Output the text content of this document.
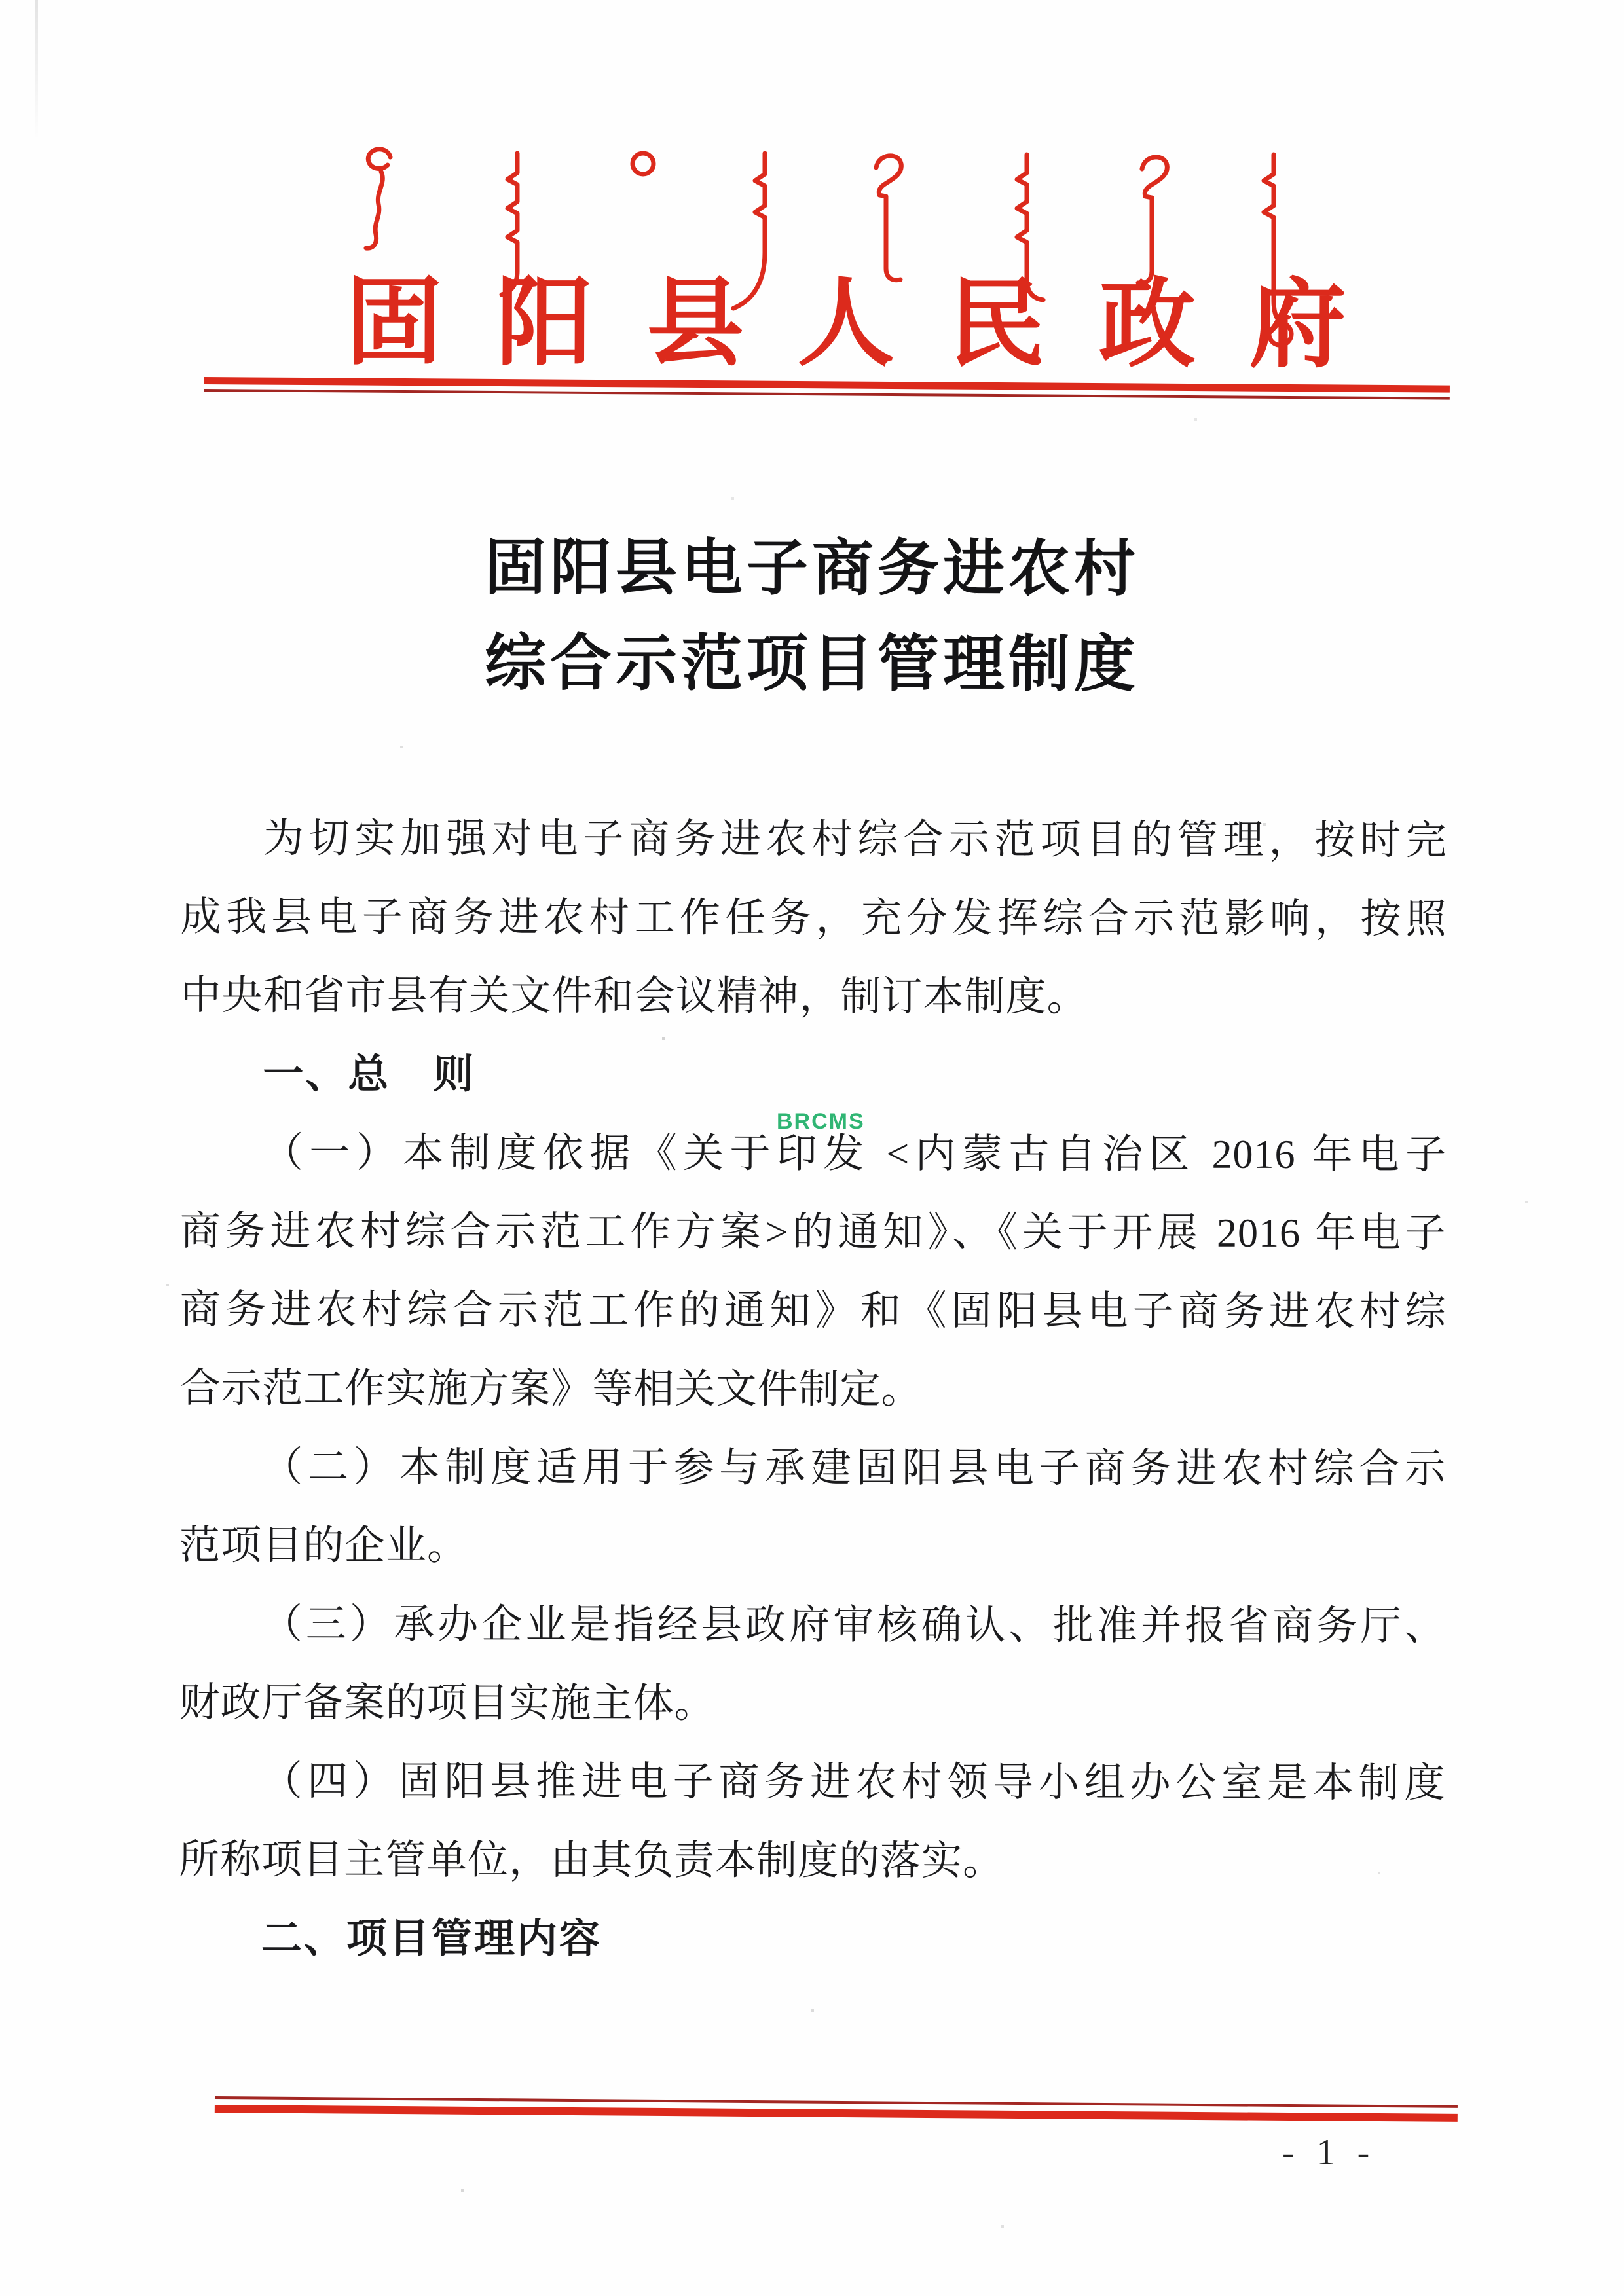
固阳县人民政府
固阳县电子商务进农村
综合示范项目管理制度
BRCMS
为切实加强对电子商务进农村综合示范项目的管理，按时完
成我县电子商务进农村工作任务，充分发挥综合示范影响，按照
中央和省市县有关文件和会议精神，制订本制度。
一、总　则
（一）本制度依据《关于印发 <内蒙古自治区 2016 年电子
商务进农村综合示范工作方案>的通知》、《关于开展 2016 年电子
商务进农村综合示范工作的通知》和《固阳县电子商务进农村综
合示范工作实施方案》等相关文件制定。
（二）本制度适用于参与承建固阳县电子商务进农村综合示
范项目的企业。
（三）承办企业是指经县政府审核确认、批准并报省商务厅、
财政厅备案的项目实施主体。
（四）固阳县推进电子商务进农村领导小组办公室是本制度
所称项目主管单位，由其负责本制度的落实。
二、项目管理内容
- 1 -
